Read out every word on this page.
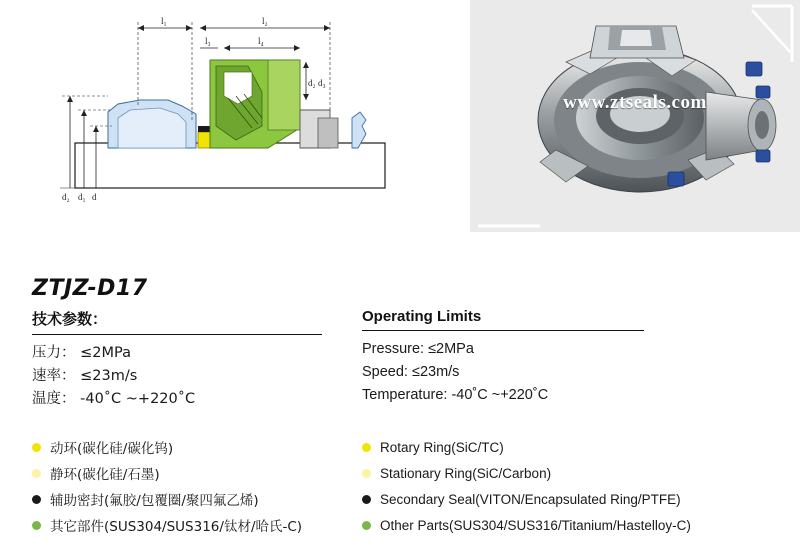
l₁	l₂
l₃	l₄
d₂ d₃
d₂ d₁ d
www.ztseals.com
ZTJZ-D17
技术参数：
压力： ≤2MPa
速率： ≤23m/s
温度： -40˚C ~+220˚C
Operating Limits
Pressure: ≤2MPa
Speed: ≤23m/s
Temperature: -40˚C ~+220˚C
动环(碳化硅/碳化钨)
静环(碳化硅/石墨)
辅助密封(氟胶/包覆圈/聚四氟乙烯)
其它部件(SUS304/SUS316/钛材/哈氏-C)
Rotary Ring(SiC/TC)
Stationary Ring(SiC/Carbon)
Secondary Seal(VITON/Encapsulated Ring/PTFE)
Other Parts(SUS304/SUS316/Titanium/Hastelloy-C)
